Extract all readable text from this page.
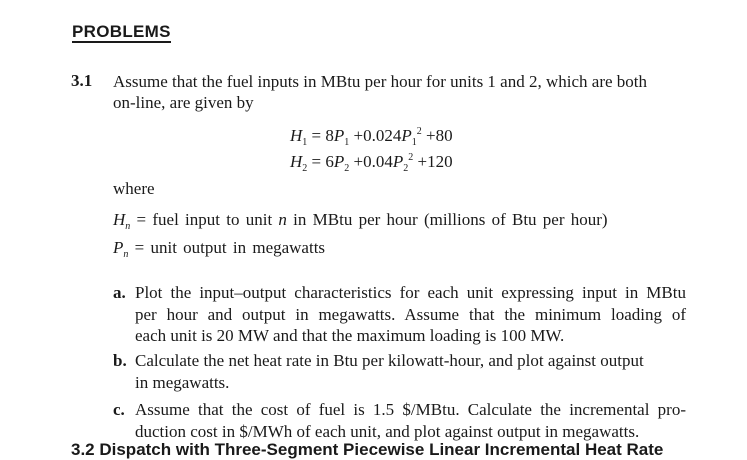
PROBLEMS
3.1 Assume that the fuel inputs in MBtu per hour for units 1 and 2, which are both
on-line, are given by
$H_1 = 8P_1 +0.024P_1^2 +80$
$H_2 = 6P_2 +0.04P_2^2 +120$
where
$H_n$ = fuel input to unit n in MBtu per hour (millions of Btu per hour)
$P_n$ = unit output in megawatts
a. Plot the input–output characteristics for each unit expressing input in MBtu
per hour and output in megawatts. Assume that the minimum loading of
each unit is 20 MW and that the maximum loading is 100 MW.
b. Calculate the net heat rate in Btu per kilowatt-hour, and plot against output
in megawatts.
c. Assume that the cost of fuel is 1.5 $/MBtu. Calculate the incremental pro-
duction cost in $/MWh of each unit, and plot against output in megawatts.
3.2 Dispatch with Three-Segment Piecewise Linear Incremental Heat Rate
